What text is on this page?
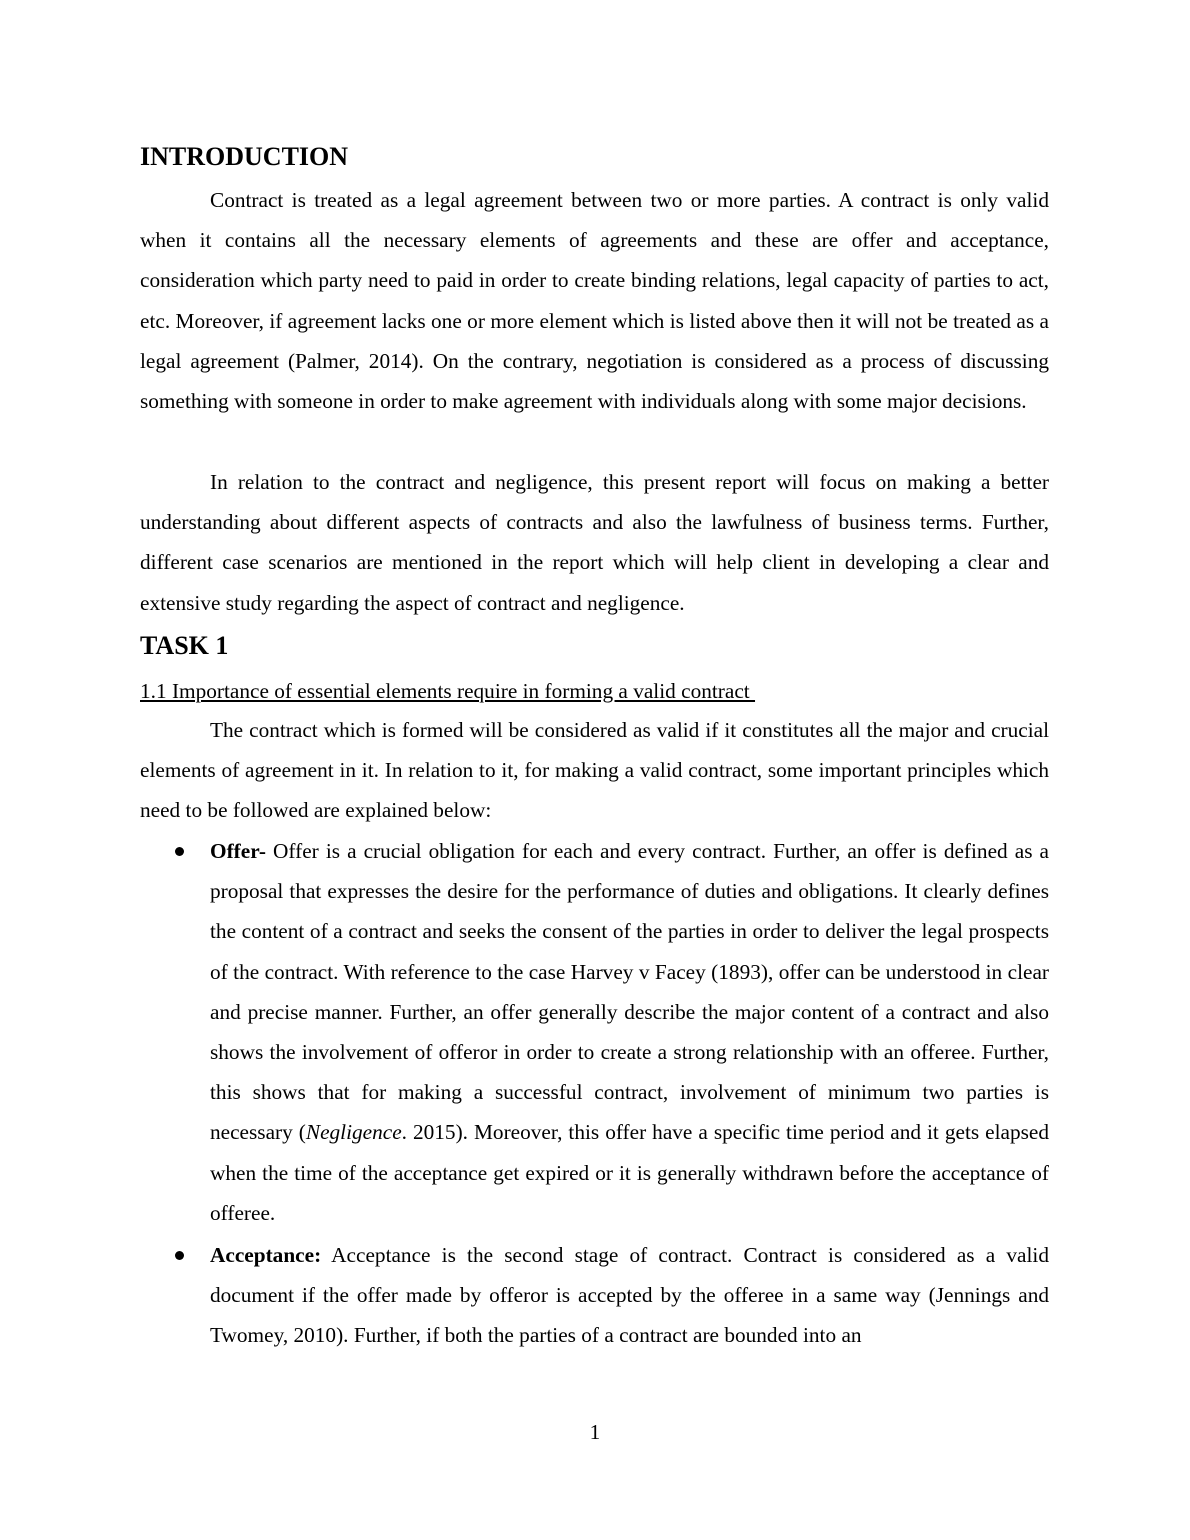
INTRODUCTION

Contract is treated as a legal agreement between two or more parties. A contract is only valid when it contains all the necessary elements of agreements and these are offer and acceptance, consideration which party need to paid in order to create binding relations, legal capacity of parties to act, etc. Moreover, if agreement lacks one or more element which is listed above then it will not be treated as a legal agreement (Palmer, 2014). On the contrary, negotiation is considered as a process of discussing something with someone in order to make agreement with individuals along with some major decisions.

In relation to the contract and negligence, this present report will focus on making a better understanding about different aspects of contracts and also the lawfulness of business terms. Further, different case scenarios are mentioned in the report which will help client in developing a clear and extensive study regarding the aspect of contract and negligence.

TASK 1
1.1 Importance of essential elements require in forming a valid contract

The contract which is formed will be considered as valid if it constitutes all the major and crucial elements of agreement in it. In relation to it, for making a valid contract, some important principles which need to be followed are explained below:

Offer- Offer is a crucial obligation for each and every contract. Further, an offer is defined as a proposal that expresses the desire for the performance of duties and obligations. It clearly defines the content of a contract and seeks the consent of the parties in order to deliver the legal prospects of the contract. With reference to the case Harvey v Facey (1893), offer can be understood in clear and precise manner. Further, an offer generally describe the major content of a contract and also shows the involvement of offeror in order to create a strong relationship with an offeree. Further, this shows that for making a successful contract, involvement of minimum two parties is necessary (Negligence. 2015). Moreover, this offer have a specific time period and it gets elapsed when the time of the acceptance get expired or it is generally withdrawn before the acceptance of offeree.
Acceptance: Acceptance is the second stage of contract. Contract is considered as a valid document if the offer made by offeror is accepted by the offeree in a same way (Jennings and Twomey, 2010). Further, if both the parties of a contract are bounded into an
1
